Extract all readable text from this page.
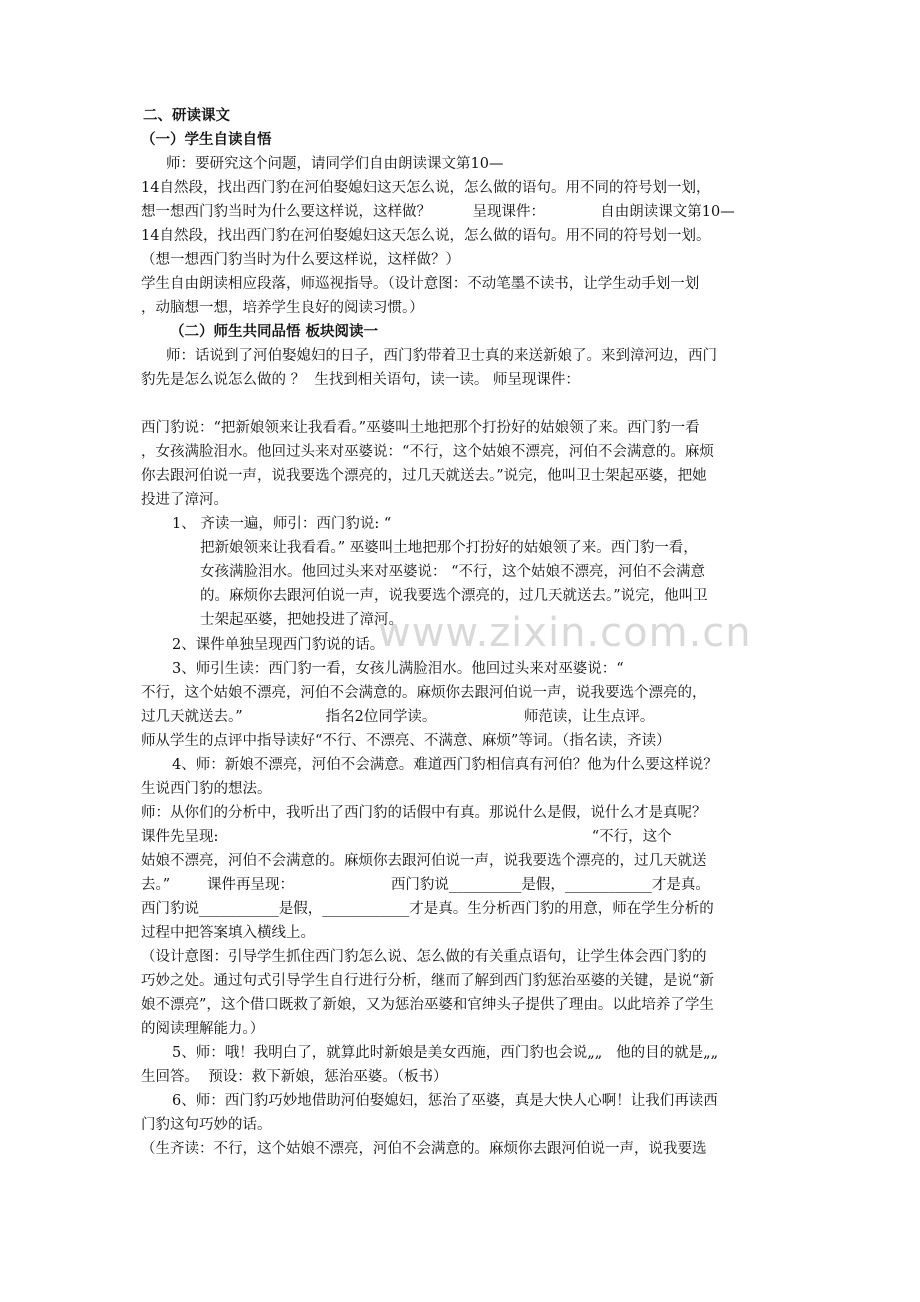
www.zixin.com.cn
二、研读课文
（一）学生自读自悟
师：要研究这个问题，请同学们自由朗读课文第10—
14自然段，找出西门豹在河伯娶媳妇这天怎么说，怎么做的语句。用不同的符号划一划，
想一想西门豹当时为什么要这样说，这样做？         呈现课件：            自由朗读课文第10—
14自然段，找出西门豹在河伯娶媳妇这天怎么说，怎么做的语句。用不同的符号划一划。
（想一想西门豹当时为什么要这样说，这样做？）
学生自由朗读相应段落，师巡视指导。（设计意图：不动笔墨不读书，让学生动手划一划
，动脑想一想，培养学生良好的阅读习惯。）
（二）师生共同品悟 板块阅读一
师：话说到了河伯娶媳妇的日子，西门豹带着卫士真的来送新娘了。来到漳河边，西门
豹先是怎么说怎么做的 ？  生找到相关语句，读一读。 师呈现课件：
西门豹说：“把新娘领来让我看看。”巫婆叫土地把那个打扮好的姑娘领了来。西门豹一看
，女孩满脸泪水。他回过头来对巫婆说：“不行，这个姑娘不漂亮，河伯不会满意的。麻烦
你去跟河伯说一声，说我要选个漂亮的，过几天就送去。”说完，他叫卫士架起巫婆，把她
投进了漳河。
1、 齐读一遍，师引：西门豹说: “
把新娘领来让我看看。” 巫婆叫土地把那个打扮好的姑娘领了来。西门豹一看，
女孩满脸泪水。他回过头来对巫婆说： “不行，这个姑娘不漂亮，河伯不会满意
的。麻烦你去跟河伯说一声，说我要选个漂亮的，过几天就送去。”说完，他叫卫
士架起巫婆，把她投进了漳河。
2、课件单独呈现西门豹说的话。
3、师引生读：西门豹一看，女孩儿满脸泪水。他回过头来对巫婆说：“
不行，这个姑娘不漂亮，河伯不会满意的。麻烦你去跟河伯说一声，说我要选个漂亮的，
过几天就送去。”                  指名2位同学读。                   师范读，让生点评。
师从学生的点评中指导读好“不行、不漂亮、不满意、麻烦”等词。（指名读，齐读）
4、师：新娘不漂亮，河伯不会满意。难道西门豹相信真有河伯？他为什么要这样说？
生说西门豹的想法。
师：从你们的分析中，我听出了西门豹的话假中有真。那说什么是假，说什么才是真呢？
课件先呈现:                                                                                 “不行，这个
姑娘不漂亮，河伯不会满意的。麻烦你去跟河伯说一声，说我要选个漂亮的，过几天就送
去。”        课件再呈现：                     西门豹说__________是假，____________才是真。
西门豹说___________是假，____________才是真。生分析西门豹的用意，师在学生分析的
过程中把答案填入横线上。
（设计意图：引导学生抓住西门豹怎么说、怎么做的有关重点语句，让学生体会西门豹的
巧妙之处。通过句式引导学生自行进行分析，继而了解到西门豹惩治巫婆的关键，是说“新
娘不漂亮”，这个借口既救了新娘，又为惩治巫婆和官绅头子提供了理由。以此培养了学生
的阅读理解能力。）
5、师：哦！我明白了，就算此时新娘是美女西施，西门豹也会说„„   他的目的就是„„
生回答。  预设：救下新娘，惩治巫婆。（板书）
6、师：西门豹巧妙地借助河伯娶媳妇，惩治了巫婆，真是大快人心啊！让我们再读西
门豹这句巧妙的话。
（生齐读：不行，这个姑娘不漂亮，河伯不会满意的。麻烦你去跟河伯说一声，说我要选
